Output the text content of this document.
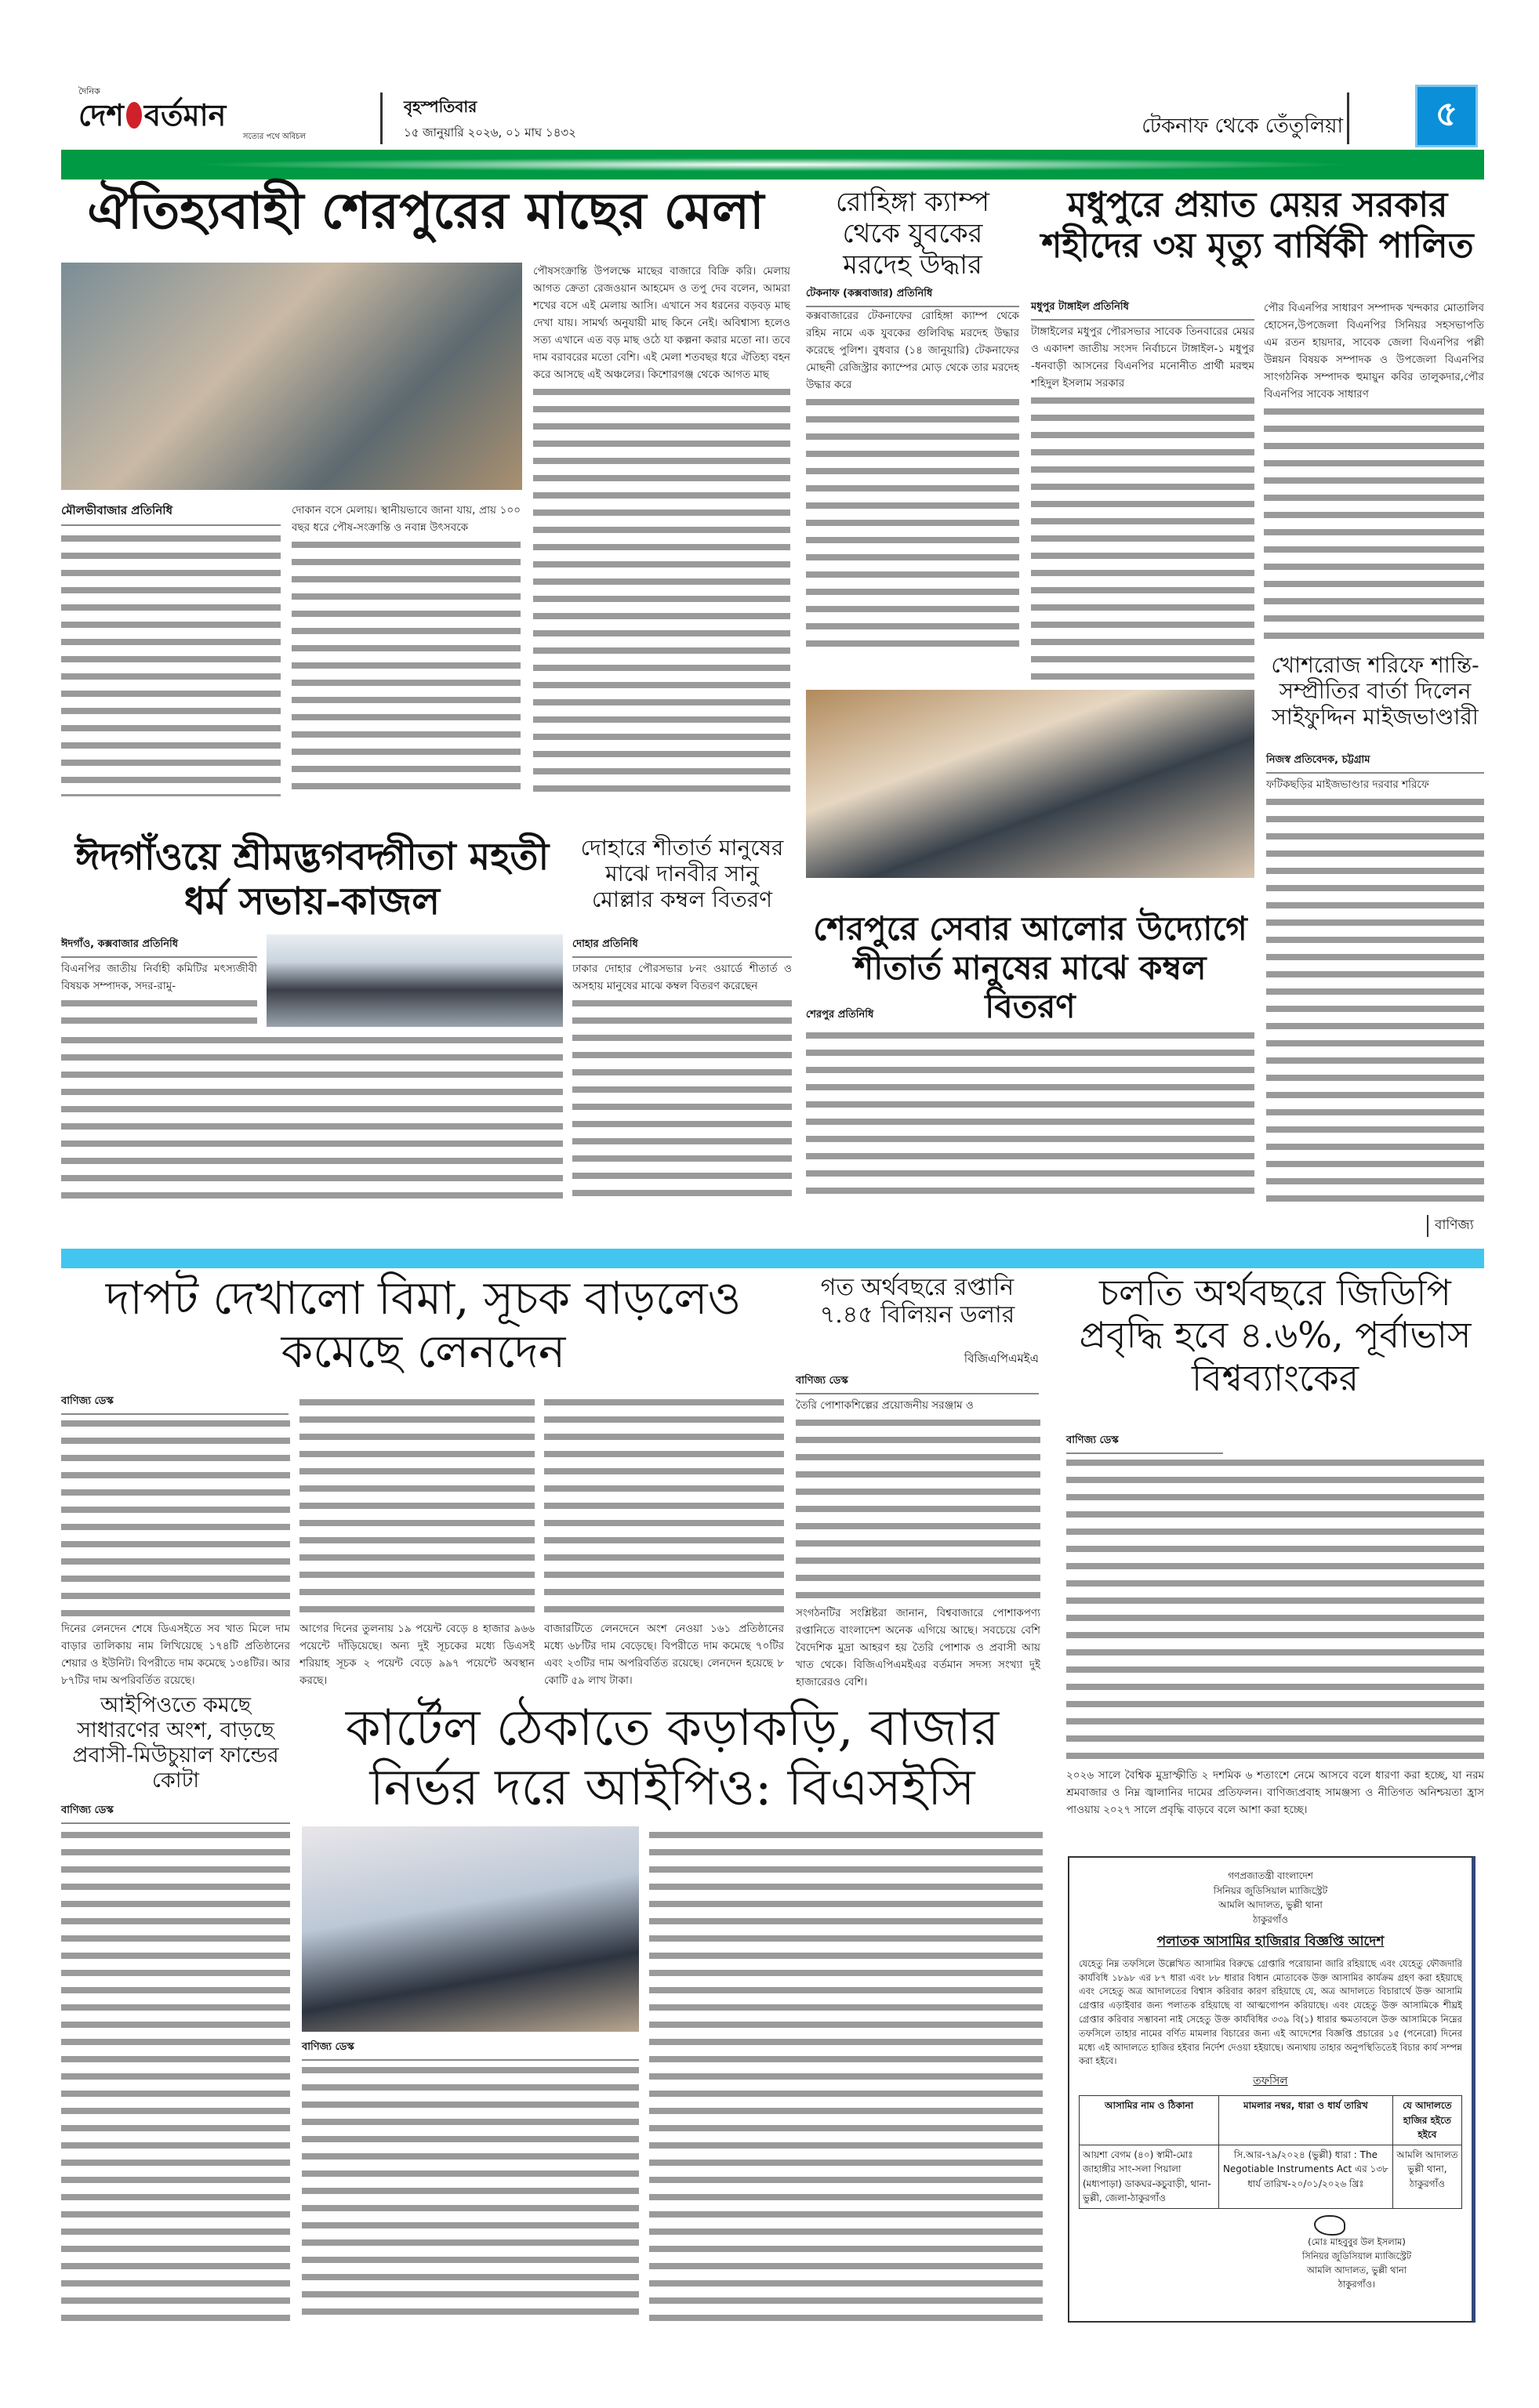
দৈনিক
দেশ বর্তমান
সত্যের পথে অবিচল
বৃহস্পতিবার
১৫ জানুয়ারি ২০২৬, ০১ মাঘ ১৪৩২	টেকনাফ থেকে তেঁতুলিয়া	৫
ঐতিহ্যবাহী শেরপুরের মাছের মেলা
মৌলভীবাজার প্রতিনিধি	দোকান বসে মেলায়। স্থানীয়ভাবে জানা যায়, প্রায় ১০০ বছর ধরে পৌষ-সংক্রান্তি ও নবান্ন উৎসবকে

পৌষসংক্রান্তি উপলক্ষে মাছের বাজারে বিক্রি করি। মেলায় আগত ক্রেতা রেজওয়ান আহমেদ ও তপু দেব বলেন, আমরা শখের বসে এই মেলায় আসি। এখানে সব ধরনের বড়বড় মাছ দেখা যায়। সামর্থ্য অনুযায়ী মাছ কিনে নেই। অবিশ্বাস্য হলেও সত্য এখানে এত বড় মাছ ওঠে যা কল্পনা করার মতো না। তবে দাম বরাবরের মতো বেশি। এই মেলা শতবছর ধরে ঐতিহ্য বহন করে আসছে এই অঞ্চলের। কিশোরগঞ্জ থেকে আগত মাছ

রোহিঙ্গা ক্যাম্প থেকে যুবকের মরদেহ উদ্ধার
টেকনাফ (কক্সবাজার) প্রতিনিধি

কক্সবাজারের টেকনাফের রোহিঙ্গা ক্যাম্প থেকে রহিম নামে এক যুবকের গুলিবিদ্ধ মরদেহ উদ্ধার করেছে পুলিশ। বুধবার (১৪ জানুয়ারি) টেকনাফের মোছনী রেজিস্ট্রার ক্যাম্পের মোড় থেকে তার মরদেহ উদ্ধার করে

মধুপুরে প্রয়াত মেয়র সরকার শহীদের ৩য় মৃত্যু বার্ষিকী পালিত
মধুপুর টাঙ্গাইল প্রতিনিধি

টাঙ্গাইলের মধুপুর পৌরসভার সাবেক তিনবারের মেয়র ও একাদশ জাতীয় সংসদ নির্বাচনে টাঙ্গাইল-১ মধুপুর -ধনবাড়ী আসনের বিএনপির মনোনীত প্রার্থী মরহুম শহিদুল ইসলাম সরকার

পৌর বিএনপির সাধারণ সম্পাদক খন্দকার মোতালিব হোসেন,উপজেলা বিএনপির সিনিয়র সহসভাপতি এম রতন হায়দার, সাবেক জেলা বিএনপির পল্লী উন্নয়ন বিষয়ক সম্পাদক ও উপজেলা বিএনপির সাংগঠনিক সম্পাদক হুমায়ুন কবির তালুকদার,পৌর বিএনপির সাবেক সাধারণ

খোশরোজ শরিফে শান্তি-সম্প্রীতির বার্তা দিলেন সাইফুদ্দিন মাইজভাণ্ডারী
নিজস্ব প্রতিবেদক, চট্টগ্রাম

ফটিকছড়ির মাইজভাণ্ডার দরবার শরিফে

ঈদগাঁওয়ে শ্রীমদ্ভগবদ্গীতা মহতী ধর্ম সভায়-কাজল
ঈদগাঁও, কক্সবাজার প্রতিনিধি

বিএনপির জাতীয় নির্বাহী কমিটির মৎস্যজীবী বিষয়ক সম্পাদক, সদর-রামু-

দোহারে শীতার্ত মানুষের মাঝে দানবীর সানু মোল্লার কম্বল বিতরণ
দোহার প্রতিনিধি

ঢাকার দোহার পৌরসভার ৮নং ওয়ার্ডে শীতার্ত ও অসহায় মানুষের মাঝে কম্বল বিতরণ করেছেন

শেরপুরে সেবার আলোর উদ্যোগে শীতার্ত মানুষের মাঝে কম্বল বিতরণ
শেরপুর প্রতিনিধি
বাণিজ্য
দাপট দেখালো বিমা, সূচক বাড়লেও কমেছে লেনদেন
বাণিজ্য ডেস্ক

দিনের লেনদেন শেষে ডিএসইতে সব খাত মিলে দাম বাড়ার তালিকায় নাম লিখিয়েছে ১৭৪টি প্রতিষ্ঠানের শেয়ার ও ইউনিট। বিপরীতে দাম কমেছে ১৩৪টির। আর ৮৭টির দাম অপরিবর্তিত রয়েছে।

আগের দিনের তুলনায় ১৯ পয়েন্ট বেড়ে ৪ হাজার ৯৬৬ পয়েন্টে দাঁড়িয়েছে। অন্য দুই সূচকের মধ্যে ডিএসই শরিয়াহ সূচক ২ পয়েন্ট বেড়ে ৯৯৭ পয়েন্টে অবস্থান করছে।

বাজারটিতে লেনদেনে অংশ নেওয়া ১৬১ প্রতিষ্ঠানের মধ্যে ৬৮টির দাম বেড়েছে। বিপরীতে দাম কমেছে ৭০টির এবং ২৩টির দাম অপরিবর্তিত রয়েছে। লেনদেন হয়েছে ৮ কোটি ৫৯ লাখ টাকা।

গত অর্থবছরে রপ্তানি ৭.৪৫ বিলিয়ন ডলার
বিজিএপিএমইএ
বাণিজ্য ডেস্ক

তৈরি পোশাকশিল্পের প্রয়োজনীয় সরঞ্জাম ও

সংগঠনটির সংশ্লিষ্টরা জানান, বিশ্ববাজারে পোশাকপণ্য রপ্তানিতে বাংলাদেশ অনেক এগিয়ে আছে। সবচেয়ে বেশি বৈদেশিক মুদ্রা আহরণ হয় তৈরি পোশাক ও প্রবাসী আয় খাত থেকে। বিজিএপিএমইএর বর্তমান সদস্য সংখ্যা দুই হাজারেরও বেশি।

চলতি অর্থবছরে জিডিপি প্রবৃদ্ধি হবে ৪.৬%, পূর্বাভাস বিশ্বব্যাংকের
বাণিজ্য ডেস্ক

২০২৬ সালে বৈশ্বিক মুদ্রাস্ফীতি ২ দশমিক ৬ শতাংশে নেমে আসবে বলে ধারণা করা হচ্ছে, যা নরম শ্রমবাজার ও নিম্ন জ্বালানির দামের প্রতিফলন। বাণিজ্যপ্রবাহ সামঞ্জস্য ও নীতিগত অনিশ্চয়তা হ্রাস পাওয়ায় ২০২৭ সালে প্রবৃদ্ধি বাড়বে বলে আশা করা হচ্ছে।

আইপিওতে কমছে সাধারণের অংশ, বাড়ছে প্রবাসী-মিউচুয়াল ফান্ডের কোটা
বাণিজ্য ডেস্ক
কার্টেল ঠেকাতে কড়াকড়ি, বাজার নির্ভর দরে আইপিও: বিএসইসি
বাণিজ্য ডেস্ক
গণপ্রজাতন্ত্রী বাংলাদেশ
সিনিয়র জুডিসিয়াল ম্যাজিস্ট্রেট
আমলি আদালত, ভুল্লী থানা
ঠাকুরগাঁও
পলাতক আসামির হাজিরার বিজ্ঞপ্তি আদেশ
যেহেতু নিম্ন তফসিলে উল্লেখিত আসামির বিরুদ্ধে গ্রেপ্তারি পরোয়ানা জারি রহিয়াছে এবং যেহেতু ফৌজদারি কার্যবিধি ১৮৯৮ এর ৮৭ ধারা এবং ৮৮ ধারার বিধান মোতাবেক উক্ত আসামির কার্যক্রম গ্রহণ করা হইয়াছে এবং সেহেতু অত্র আদালতের বিশ্বাস করিবার কারণ রহিয়াছে যে, অত্র আদালতে বিচারার্থে উক্ত আসামি গ্রেপ্তার এড়াইবার জন্য পলাতক রহিয়াছে বা আত্মগোপন করিয়াছে। এবং যেহেতু উক্ত আসামিকে শীঘ্রই গ্রেপ্তার করিবার সম্ভাবনা নাই সেহেতু উক্ত কার্যবিধির ৩৩৯ বি(১) ধারার ক্ষমতাবলে উক্ত আসামিকে নিম্নের তফসিলে তাহার নামের বর্ণিত মামলার বিচারের জন্য এই আদেশের বিজ্ঞপ্তি প্রচারের ১৫ (পনেরো) দিনের মধ্যে এই আদালতে হাজির হইবার নির্দেশ দেওয়া হইয়াছে। অন্যথায় তাহার অনুপস্থিতিতেই বিচার কার্য সম্পন্ন করা হইবে।
তফসিল
আসামির নাম ও ঠিকানা	মামলার নম্বর, ধারা ও ধার্য তারিখ	যে আদালতে হাজির হইতে হইবে
আয়শা বেগম (৪০) স্বামী-মোঃ জাহাঙ্গীর সাং-সলা পিয়ালা (মধ্যপাড়া) ডাকঘর-কচুবাড়ী, থানা-ভুল্লী, জেলা-ঠাকুরগাঁও	সি.আর-৭৯/২০২৪ (ভুল্লী) ধারা : The Negotiable Instruments Act এর ১৩৮ ধার্য তারিখ-২০/০১/২০২৬ খ্রিঃ	আমলি আদালত ভুল্লী থানা, ঠাকুরগাঁও
(মোঃ মাহবুবুর উল ইসলাম)
সিনিয়র জুডিসিয়াল ম্যাজিস্ট্রেট
আমলি আদালত, ভুল্লী থানা
ঠাকুরগাঁও।
